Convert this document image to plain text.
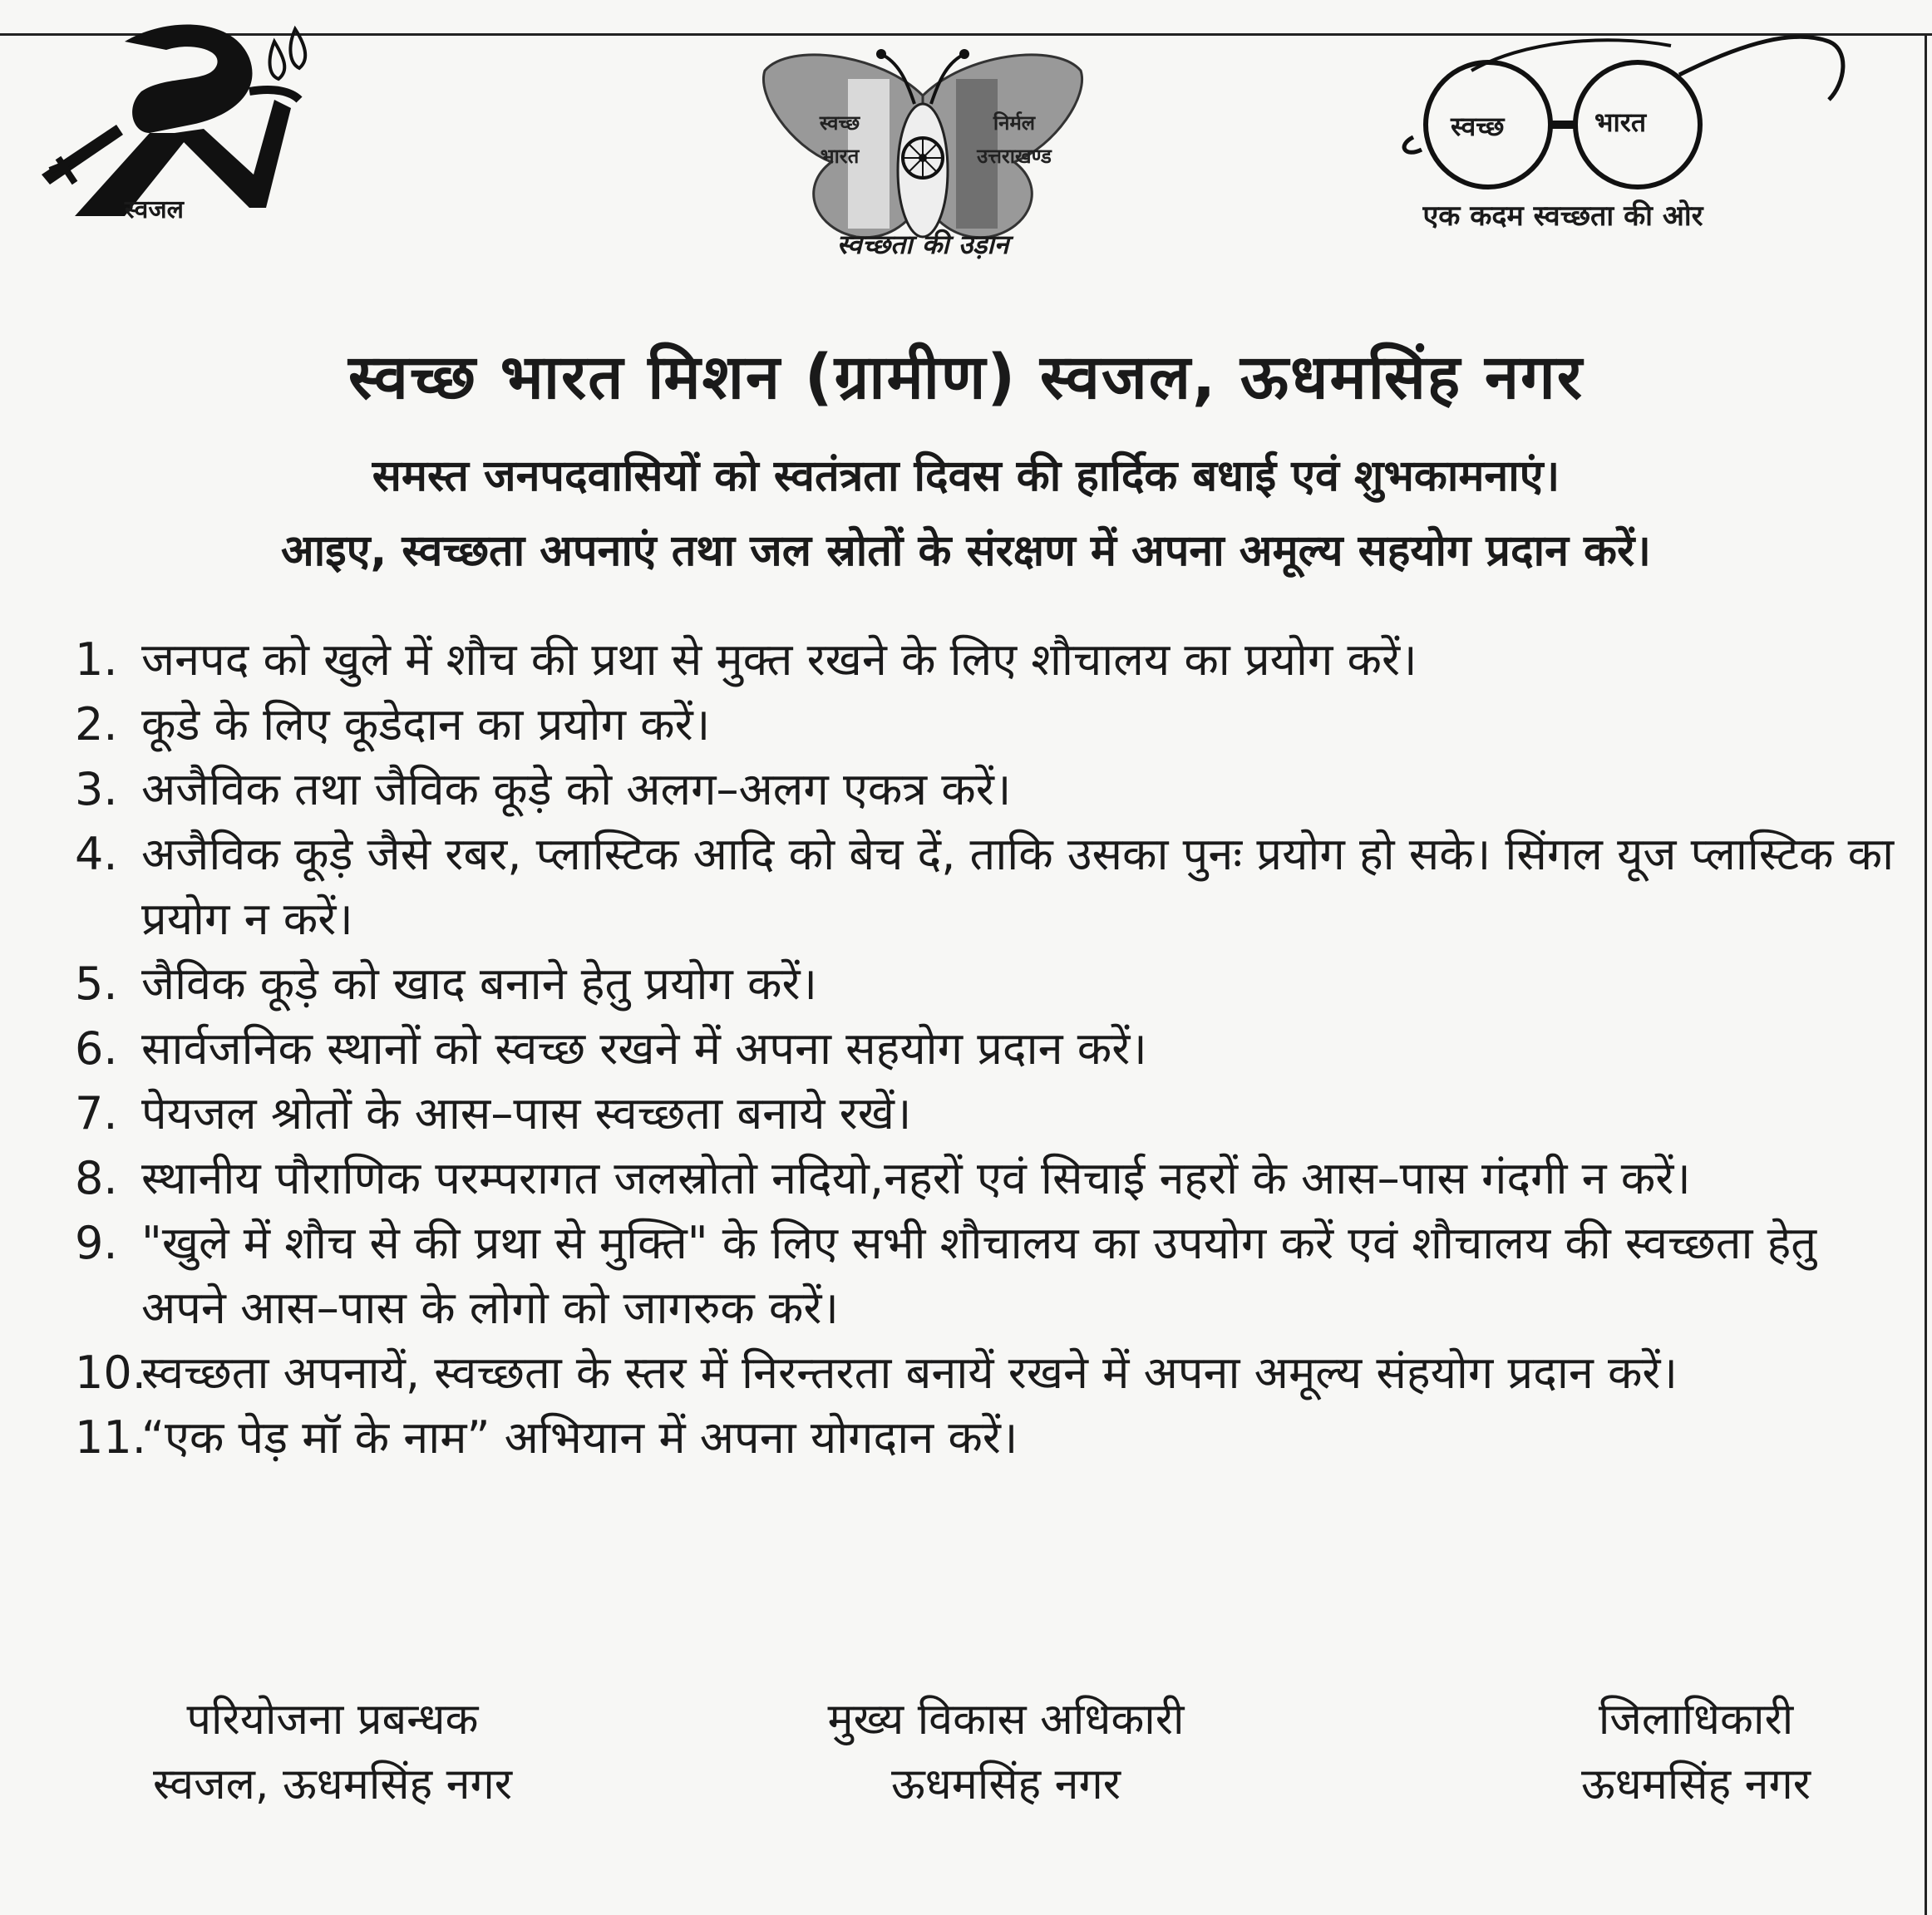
स्वजल
स्वच्छ
भारत
निर्मल
उत्तराखण्ड
स्वच्छता की उड़ान
स्वच्छ	भारत
एक कदम स्वच्छता की ओर
स्वच्छ भारत मिशन (ग्रामीण) स्वजल, ऊधमसिंह नगर
समस्त जनपदवासियों को स्वतंत्रता दिवस की हार्दिक बधाई एवं शुभकामनाएं।
आइए, स्वच्छता अपनाएं तथा जल स्रोतों के संरक्षण में अपना अमूल्य सहयोग प्रदान करें।
1. जनपद को खुले में शौच की प्रथा से मुक्त रखने के लिए शौचालय का प्रयोग करें।
2. कूडे के लिए कूडेदान का प्रयोग करें।
3. अजैविक तथा जैविक कूड़े को अलग–अलग एकत्र करें।
4. अजैविक कूड़े जैसे रबर, प्लास्टिक आदि को बेच दें, ताकि उसका पुनः प्रयोग हो सके। सिंगल यूज प्लास्टिक का प्रयोग न करें।
5. जैविक कूड़े को खाद बनाने हेतु प्रयोग करें।
6. सार्वजनिक स्थानों को स्वच्छ रखने में अपना सहयोग प्रदान करें।
7. पेयजल श्रोतों के आस–पास स्वच्छता बनाये रखें।
8. स्थानीय पौराणिक परम्परागत जलस्रोतो नदियो,नहरों एवं सिचाई नहरों के आस–पास गंदगी न करें।
9. "खुले में शौच से की प्रथा से मुक्ति" के लिए सभी शौचालय का उपयोग करें एवं शौचालय की स्वच्छता हेतु अपने आस–पास के लोगो को जागरुक करें।
10.
स्वच्छता अपनायें, स्वच्छता के स्तर में निरन्तरता बनायें रखने में अपना अमूल्य संहयोग प्रदान करें।
11.
“एक पेड़ मॉ के नाम” अभियान में अपना योगदान करें।
परियोजना प्रबन्धक
स्वजल, ऊधमसिंह नगर
मुख्य विकास अधिकारी
ऊधमसिंह नगर
जिलाधिकारी
ऊधमसिंह नगर
